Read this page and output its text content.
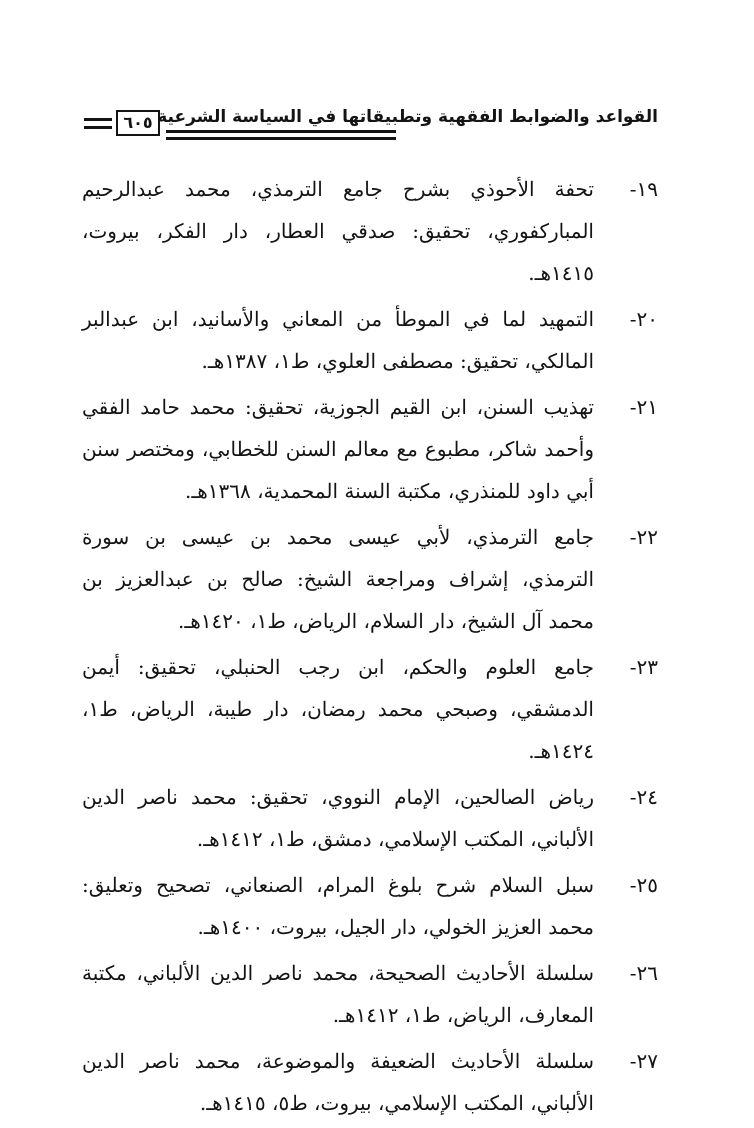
٦٠٥ القواعد والضوابط الفقهية وتطبيقاتها في السياسة الشرعية
١٩-
تحفة الأحوذي بشرح جامع الترمذي، محمد عبدالرحيم المباركفوري، تحقيق: صدقي العطار، دار الفكر، بيروت، ١٤١٥هـ.
٢٠-
التمهيد لما في الموطأ من المعاني والأسانيد، ابن عبدالبر المالكي، تحقيق: مصطفى العلوي، ط١، ١٣٨٧هـ.
٢١-
تهذيب السنن، ابن القيم الجوزية، تحقيق: محمد حامد الفقي وأحمد شاكر، مطبوع مع معالم السنن للخطابي، ومختصر سنن أبي داود للمنذري، مكتبة السنة المحمدية، ١٣٦٨هـ.
٢٢-
جامع الترمذي، لأبي عيسى محمد بن عيسى بن سورة الترمذي، إشراف ومراجعة الشيخ: صالح بن عبدالعزيز بن محمد آل الشيخ، دار السلام، الرياض، ط١، ١٤٢٠هـ.
٢٣-
جامع العلوم والحكم، ابن رجب الحنبلي، تحقيق: أيمن الدمشقي، وصبحي محمد رمضان، دار طيبة، الرياض، ط١، ١٤٢٤هـ.
٢٤-
رياض الصالحين، الإمام النووي، تحقيق: محمد ناصر الدين الألباني، المكتب الإسلامي، دمشق، ط١، ١٤١٢هـ.
٢٥-
سبل السلام شرح بلوغ المرام، الصنعاني، تصحيح وتعليق: محمد العزيز الخولي، دار الجيل، بيروت، ١٤٠٠هـ.
٢٦-
سلسلة الأحاديث الصحيحة، محمد ناصر الدين الألباني، مكتبة المعارف، الرياض، ط١، ١٤١٢هـ.
٢٧-
سلسلة الأحاديث الضعيفة والموضوعة، محمد ناصر الدين الألباني، المكتب الإسلامي، بيروت، ط٥، ١٤١٥هـ.
